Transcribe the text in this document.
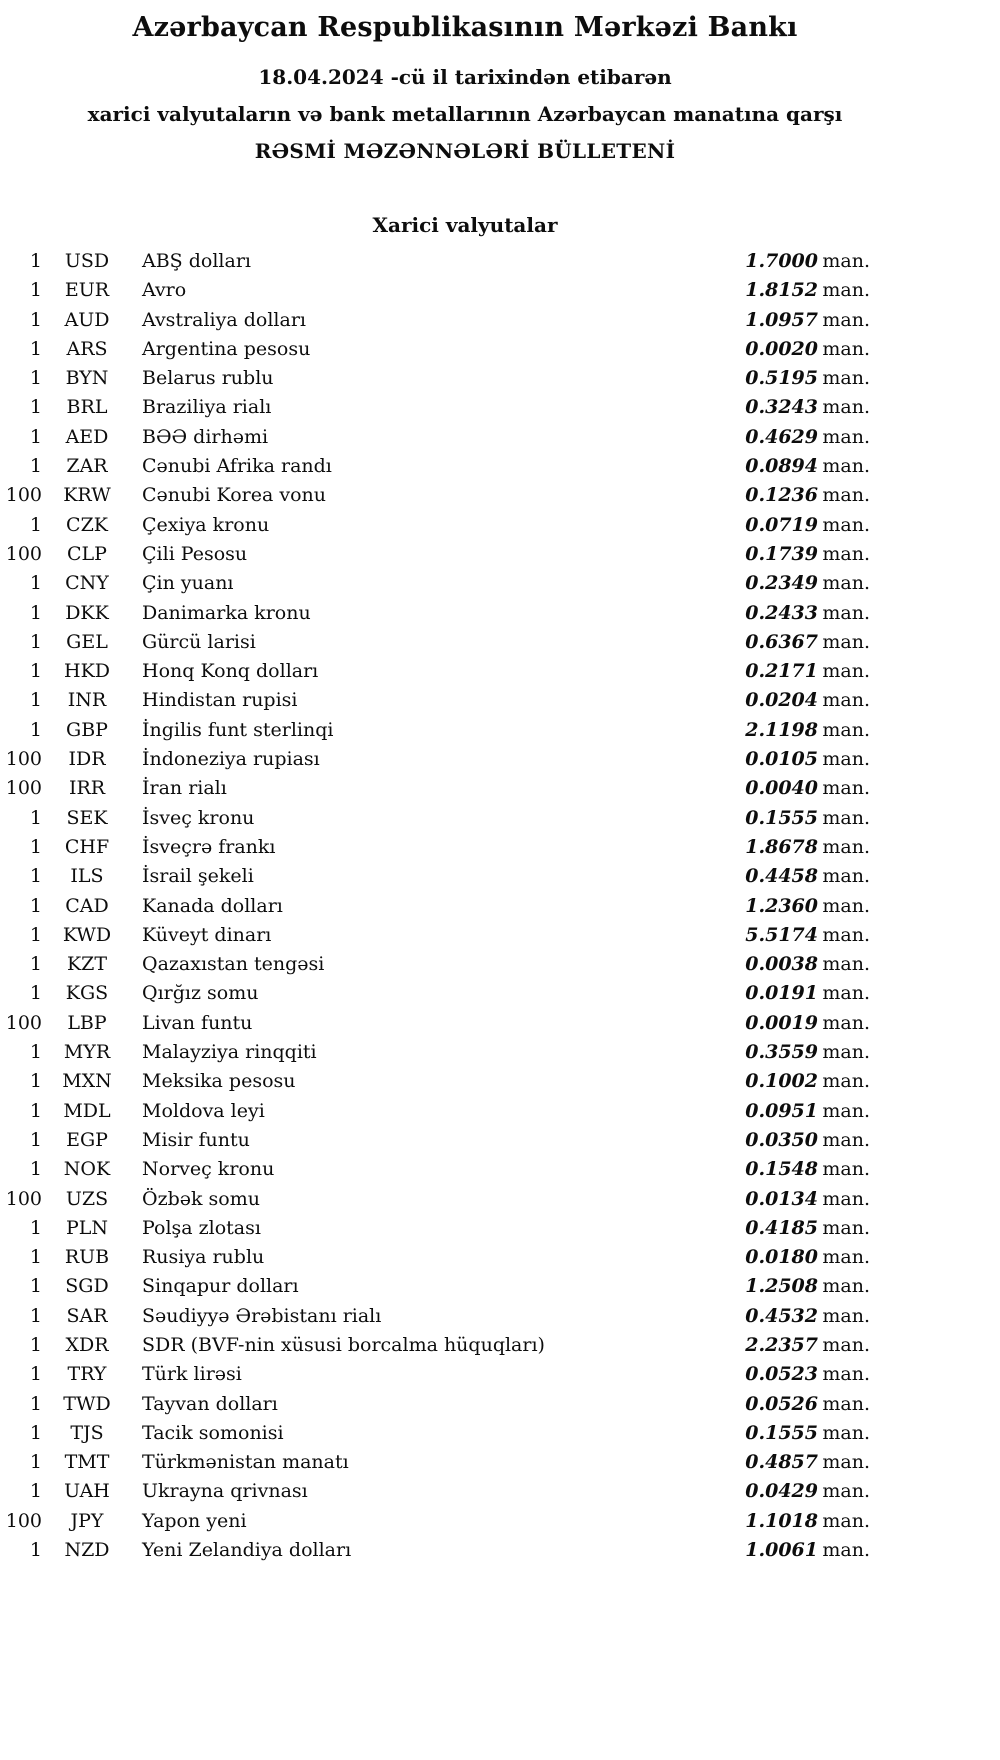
Azərbaycan Respublikasının Mərkəzi Bankı
18.04.2024 -cü il tarixindən etibarən
xarici valyutaların və bank metallarının Azərbaycan manatına qarşı
RƏSMİ MƏZƏNNƏLƏRİ BÜLLETENİ
Xarici valyutalar
1	USD	ABŞ dolları	1.7000 man.
1	EUR	Avro	1.8152 man.
1	AUD	Avstraliya dolları	1.0957 man.
1	ARS	Argentina pesosu	0.0020 man.
1	BYN	Belarus rublu	0.5195 man.
1	BRL	Braziliya rialı	0.3243 man.
1	AED	BƏƏ dirhəmi	0.4629 man.
1	ZAR	Cənubi Afrika randı	0.0894 man.
100	KRW	Cənubi Korea vonu	0.1236 man.
1	CZK	Çexiya kronu	0.0719 man.
100	CLP	Çili Pesosu	0.1739 man.
1	CNY	Çin yuanı	0.2349 man.
1	DKK	Danimarka kronu	0.2433 man.
1	GEL	Gürcü larisi	0.6367 man.
1	HKD	Honq Konq dolları	0.2171 man.
1	INR	Hindistan rupisi	0.0204 man.
1	GBP	İngilis funt sterlinqi	2.1198 man.
100	IDR	İndoneziya rupiası	0.0105 man.
100	IRR	İran rialı	0.0040 man.
1	SEK	İsveç kronu	0.1555 man.
1	CHF	İsveçrə frankı	1.8678 man.
1	ILS	İsrail şekeli	0.4458 man.
1	CAD	Kanada dolları	1.2360 man.
1	KWD	Küveyt dinarı	5.5174 man.
1	KZT	Qazaxıstan tengəsi	0.0038 man.
1	KGS	Qırğız somu	0.0191 man.
100	LBP	Livan funtu	0.0019 man.
1	MYR	Malayziya rinqqiti	0.3559 man.
1	MXN	Meksika pesosu	0.1002 man.
1	MDL	Moldova leyi	0.0951 man.
1	EGP	Misir funtu	0.0350 man.
1	NOK	Norveç kronu	0.1548 man.
100	UZS	Özbək somu	0.0134 man.
1	PLN	Polşa zlotası	0.4185 man.
1	RUB	Rusiya rublu	0.0180 man.
1	SGD	Sinqapur dolları	1.2508 man.
1	SAR	Səudiyyə Ərəbistanı rialı	0.4532 man.
1	XDR	SDR (BVF-nin xüsusi borcalma hüquqları)	2.2357 man.
1	TRY	Türk lirəsi	0.0523 man.
1	TWD	Tayvan dolları	0.0526 man.
1	TJS	Tacik somonisi	0.1555 man.
1	TMT	Türkmənistan manatı	0.4857 man.
1	UAH	Ukrayna qrivnası	0.0429 man.
100	JPY	Yapon yeni	1.1018 man.
1	NZD	Yeni Zelandiya dolları	1.0061 man.
